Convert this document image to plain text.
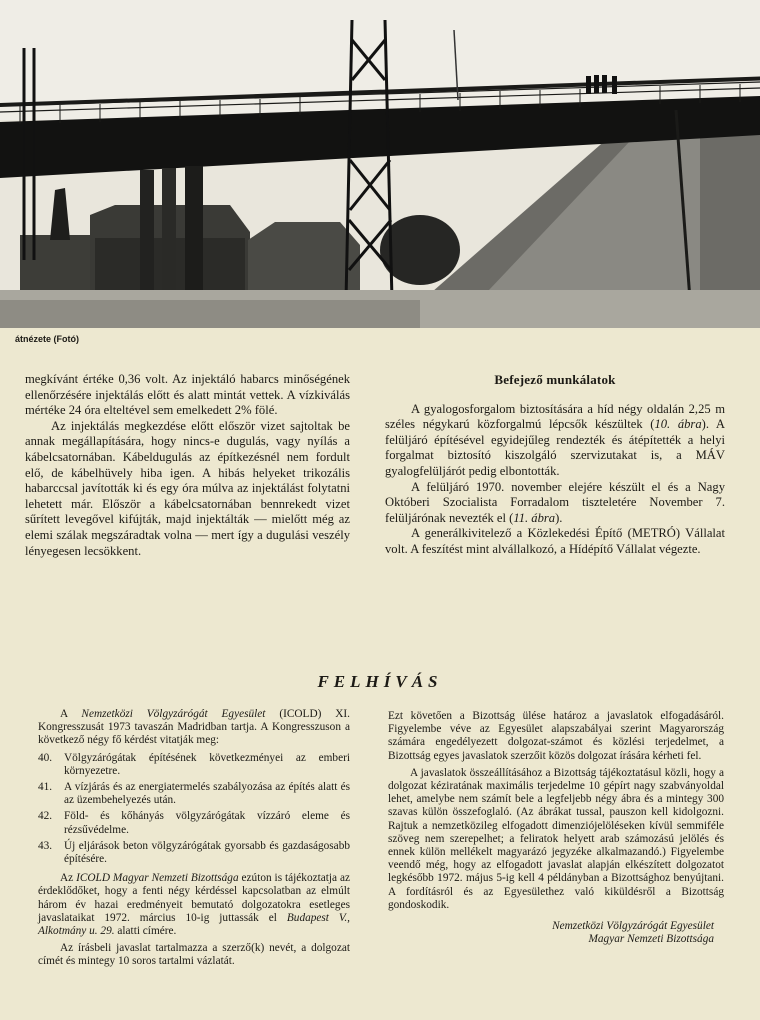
átnézete (Fotó)

megkívánt értéke 0,36 volt. Az injektáló habarcs minőségének ellenőrzésére injektálás előtt és alatt mintát vettek. A vízkiválás mértéke 24 óra elteltével sem emelkedett 2% fölé.

Az injektálás megkezdése előtt először vizet sajtoltak be annak megállapítására, hogy nincs-e dugulás, vagy nyílás a kábelcsatornában. Kábeldugulás az építkezésnél nem fordult elő, de kábelhüvely hiba igen. A hibás helyeket trikozális habarccsal javították ki és egy óra múlva az injektálást folytatni lehetett már. Először a kábelcsatornában bennrekedt vizet sűrített levegővel kifújták, majd injektálták — mielőtt még az elemi szálak megszáradtak volna — mert így a dugulási veszély lényegesen lecsökkent.

Befejező munkálatok

A gyalogosforgalom biztosítására a híd négy oldalán 2,25 m széles négykarú közforgalmú lépcsők készültek (10. ábra). A felüljáró építésével egyidejűleg rendezték és átépítették a helyi forgalmat biztosító kiszolgáló szervizutakat is, a MÁV gyalogfelüljárót pedig elbontották.

A felüljáró 1970. november elejére készült el és a Nagy Októberi Szocialista Forradalom tiszteletére November 7. felüljárónak nevezték el (11. ábra).

A generálkivitelező a Közlekedési Építő (METRÓ) Vállalat volt. A feszítést mint alvállalkozó, a Hídépítő Vállalat végezte.

FELHÍVÁS

A Nemzetközi Völgyzárógát Egyesület (ICOLD) XI. Kongresszusát 1973 tavaszán Madridban tartja. A Kongresszuson a következő négy fő kérdést vitatják meg:

40.	Völgyzárógátak építésének következményei az emberi környezetre.
41.	A vízjárás és az energiatermelés szabályozása az építés alatt és az üzembehelyezés után.
42.	Föld- és kőhányás völgyzárógátak vízzáró eleme és rézsűvédelme.
43.	Új eljárások beton völgyzárógátak gyorsabb és gazdaságosabb építésére.

Az ICOLD Magyar Nemzeti Bizottsága ezúton is tájékoztatja az érdeklődőket, hogy a fenti négy kérdéssel kapcsolatban az elmúlt három év hazai eredményeit bemutató dolgozatokra esetleges javaslataikat 1972. március 10-ig juttassák el Budapest V., Alkotmány u. 29. alatti címére.

Az írásbeli javaslat tartalmazza a szerző(k) nevét, a dolgozat címét és mintegy 10 soros tartalmi vázlatát.

Ezt követően a Bizottság ülése határoz a javaslatok elfogadásáról. Figyelembe véve az Egyesület alapszabályai szerint Magyarország számára engedélyezett dolgozat-számot és közlési terjedelmet, a Bizottság egyes javaslatok szerzőit közös dolgozat írására kérheti fel.

A javaslatok összeállításához a Bizottság tájékoztatásul közli, hogy a dolgozat kéziratának maximális terjedelme 10 gépírt nagy szabványoldal lehet, amelybe nem számít bele a legfeljebb négy ábra és a mintegy 300 szavas külön összefoglaló. (Az ábrákat tussal, pauszon kell kidolgozni. Rajtuk a nemzetközileg elfogadott dimenziójelöléseken kívül semmiféle szöveg nem szerepelhet; a feliratok helyett arab számozású jelölés és ennek külön mellékelt magyarázó jegyzéke alkalmazandó.) Figyelembe veendő még, hogy az elfogadott javaslat alapján elkészített dolgozatot legkésőbb 1972. május 5-ig kell 4 példányban a Bizottsághoz benyújtani. A fordításról és az Egyesülethez való kiküldésről a Bizottság gondoskodik.

Nemzetközi Völgyzárógát Egyesület
Magyar Nemzeti Bizottsága
